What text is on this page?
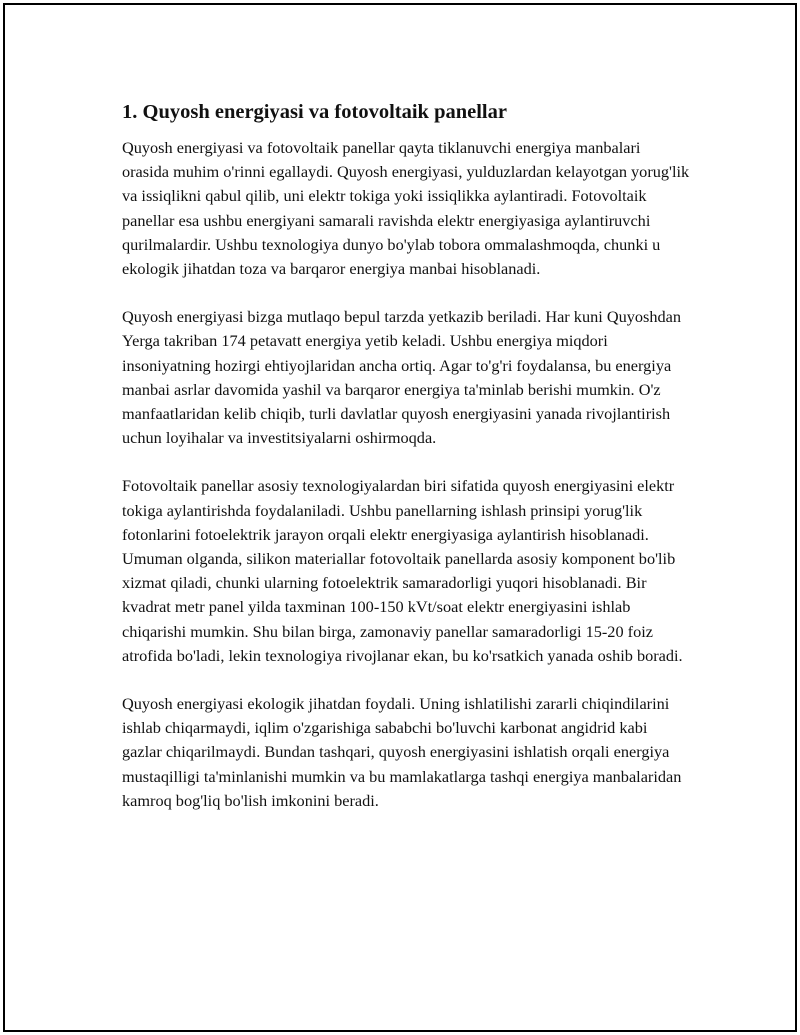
1. Quyosh energiyasi va fotovoltaik panellar

Quyosh energiyasi va fotovoltaik panellar qayta tiklanuvchi energiya manbalari orasida muhim o'rinni egallaydi. Quyosh energiyasi, yulduzlardan kelayotgan yorug'lik va issiqlikni qabul qilib, uni elektr tokiga yoki issiqlikka aylantiradi. Fotovoltaik panellar esa ushbu energiyani samarali ravishda elektr energiyasiga aylantiruvchi qurilmalardir. Ushbu texnologiya dunyo bo'ylab tobora ommalashmoqda, chunki u ekologik jihatdan toza va barqaror energiya manbai hisoblanadi.

Quyosh energiyasi bizga mutlaqo bepul tarzda yetkazib beriladi. Har kuni Quyoshdan Yerga takriban 174 petavatt energiya yetib keladi. Ushbu energiya miqdori insoniyatning hozirgi ehtiyojlaridan ancha ortiq. Agar to'g'ri foydalansa, bu energiya manbai asrlar davomida yashil va barqaror energiya ta'minlab berishi mumkin. O'z manfaatlaridan kelib chiqib, turli davlatlar quyosh energiyasini yanada rivojlantirish uchun loyihalar va investitsiyalarni oshirmoqda.

Fotovoltaik panellar asosiy texnologiyalardan biri sifatida quyosh energiyasini elektr tokiga aylantirishda foydalaniladi. Ushbu panellarning ishlash prinsipi yorug'lik fotonlarini fotoelektrik jarayon orqali elektr energiyasiga aylantirish hisoblanadi. Umuman olganda, silikon materiallar fotovoltaik panellarda asosiy komponent bo'lib xizmat qiladi, chunki ularning fotoelektrik samaradorligi yuqori hisoblanadi. Bir kvadrat metr panel yilda taxminan 100-150 kVt/soat elektr energiyasini ishlab chiqarishi mumkin. Shu bilan birga, zamonaviy panellar samaradorligi 15-20 foiz atrofida bo'ladi, lekin texnologiya rivojlanar ekan, bu ko'rsatkich yanada oshib boradi.

Quyosh energiyasi ekologik jihatdan foydali. Uning ishlatilishi zararli chiqindilarini ishlab chiqarmaydi, iqlim o'zgarishiga sababchi bo'luvchi karbonat angidrid kabi gazlar chiqarilmaydi. Bundan tashqari, quyosh energiyasini ishlatish orqali energiya mustaqilligi ta'minlanishi mumkin va bu mamlakatlarga tashqi energiya manbalaridan kamroq bog'liq bo'lish imkonini beradi.
